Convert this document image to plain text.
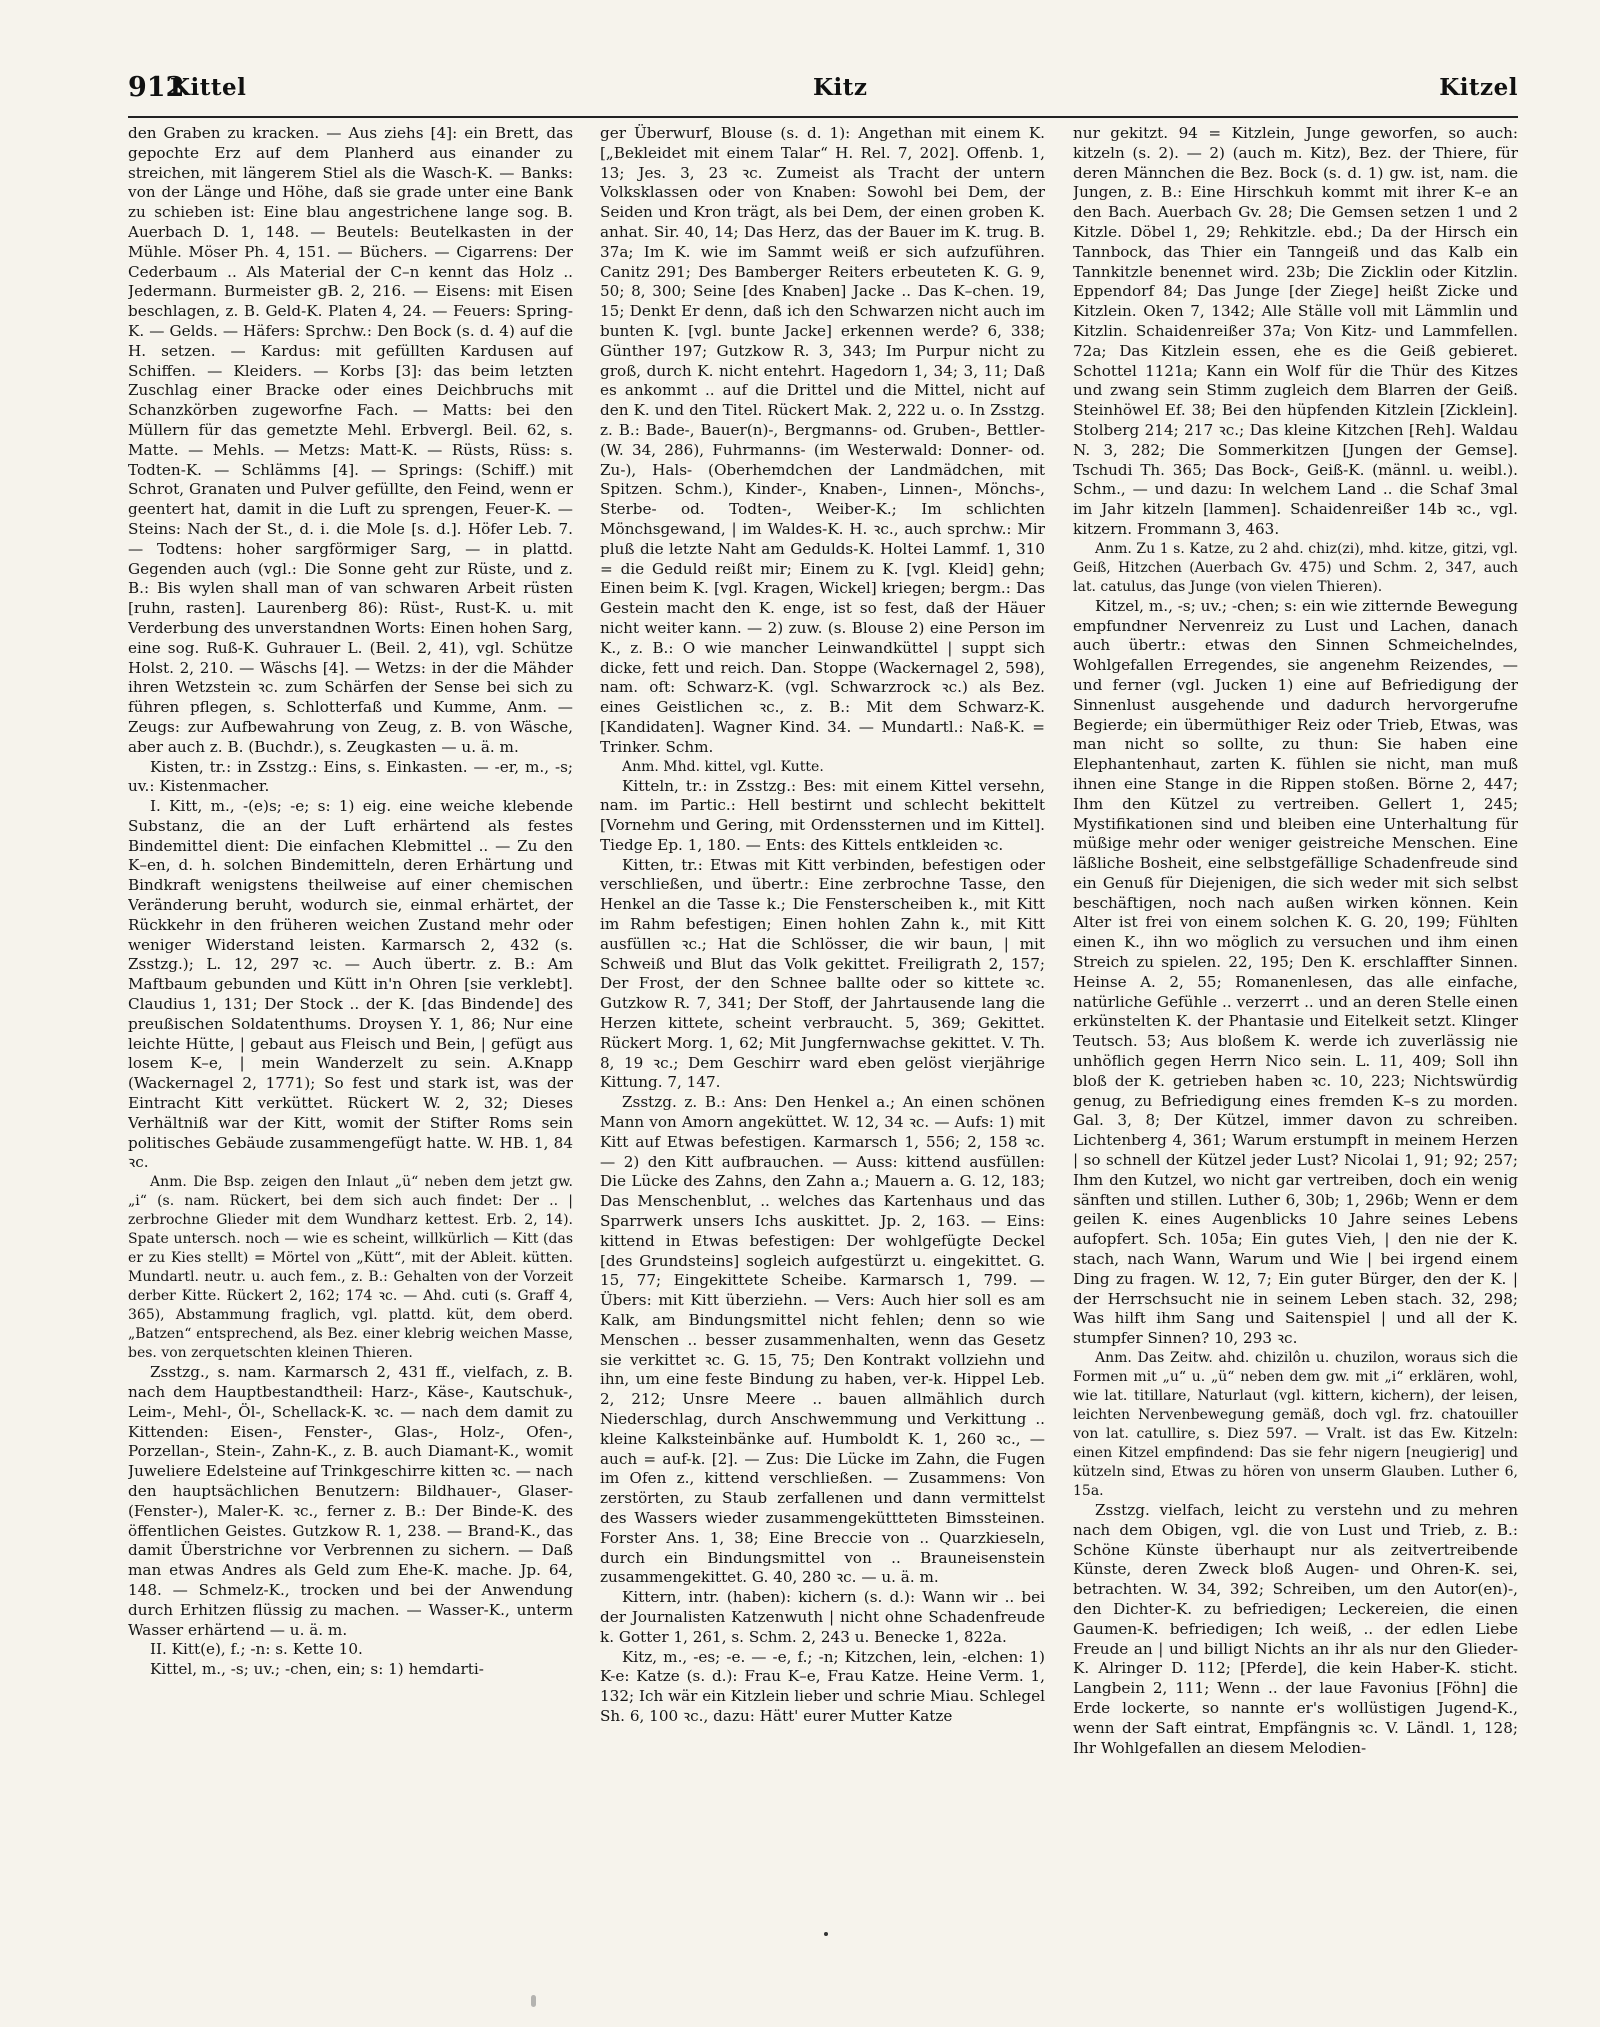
912
Kittel	Kitz	Kitzel

den Graben zu kracken. — Aus ziehs [4]: ein Brett, das gepochte Erz auf dem Planherd aus einander zu streichen, mit längerem Stiel als die Wasch-K. — Banks: von der Länge und Höhe, daß sie grade unter eine Bank zu schieben ist: Eine blau angestrichene lange sog. B. Auerbach D. 1, 148. — Beutels: Beutelkasten in der Mühle. Möser Ph. 4, 151. — Büchers. — Cigarrens: Der Cederbaum .. Als Material der C–n kennt das Holz .. Jedermann. Burmeister gB. 2, 216. — Eisens: mit Eisen beschlagen, z. B. Geld-K. Platen 4, 24. — Feuers: Spring-K. — Gelds. — Häfers: Sprchw.: Den Bock (s. d. 4) auf die H. setzen. — Kardus: mit gefüllten Kardusen auf Schiffen. — Kleiders. — Korbs [3]: das beim letzten Zuschlag einer Bracke oder eines Deichbruchs mit Schanzkörben zugeworfne Fach. — Matts: bei den Müllern für das gemetzte Mehl. Erbvergl. Beil. 62, s. Matte. — Mehls. — Metzs: Matt-K. — Rüsts, Rüss: s. Todten-K. — Schlämms [4]. — Springs: (Schiff.) mit Schrot, Granaten und Pulver gefüllte, den Feind, wenn er geentert hat, damit in die Luft zu sprengen, Feuer-K. — Steins: Nach der St., d. i. die Mole [s. d.]. Höfer Leb. 7. — Todtens: hoher sargförmiger Sarg, — in plattd. Gegenden auch (vgl.: Die Sonne geht zur Rüste, und z. B.: Bis wylen shall man of van schwaren Arbeit rüsten [ruhn, rasten]. Laurenberg 86): Rüst-, Rust-K. u. mit Verderbung des unverstandnen Worts: Einen hohen Sarg, eine sog. Ruß-K. Guhrauer L. (Beil. 2, 41), vgl. Schütze Holst. 2, 210. — Wäschs [4]. — Wetzs: in der die Mähder ihren Wetzstein ꝛc. zum Schärfen der Sense bei sich zu führen pflegen, s. Schlotterfaß und Kumme, Anm. — Zeugs: zur Aufbewahrung von Zeug, z. B. von Wäsche, aber auch z. B. (Buchdr.), s. Zeugkasten — u. ä. m.

Kisten, tr.: in Zsstzg.: Eins, s. Einkasten. — -er, m., -s; uv.: Kistenmacher.

I. Kitt, m., -(e)s; -e; s: 1) eig. eine weiche klebende Substanz, die an der Luft erhärtend als festes Bindemittel dient: Die einfachen Klebmittel .. — Zu den K–en, d. h. solchen Bindemitteln, deren Erhärtung und Bindkraft wenigstens theilweise auf einer chemischen Veränderung beruht, wodurch sie, einmal erhärtet, der Rückkehr in den früheren weichen Zustand mehr oder weniger Widerstand leisten. Karmarsch 2, 432 (s. Zsstzg.); L. 12, 297 ꝛc. — Auch übertr. z. B.: Am Maftbaum gebunden und Kütt in'n Ohren [sie verklebt]. Claudius 1, 131; Der Stock .. der K. [das Bindende] des preußischen Soldatenthums. Droysen Y. 1, 86; Nur eine leichte Hütte, | gebaut aus Fleisch und Bein, | gefügt aus losem K–e, | mein Wanderzelt zu sein. A.Knapp (Wackernagel 2, 1771); So fest und stark ist, was der Eintracht Kitt verküttet. Rückert W. 2, 32; Dieses Verhältniß war der Kitt, womit der Stifter Roms sein politisches Gebäude zusammengefügt hatte. W. HB. 1, 84 ꝛc.

Anm. Die Bsp. zeigen den Inlaut „ü“ neben dem jetzt gw. „i“ (s. nam. Rückert, bei dem sich auch findet: Der .. | zerbrochne Glieder mit dem Wundharz kettest. Erb. 2, 14). Spate untersch. noch — wie es scheint, willkürlich — Kitt (das er zu Kies stellt) = Mörtel von „Kütt“, mit der Ableit. kütten. Mundartl. neutr. u. auch fem., z. B.: Gehalten von der Vorzeit derber Kitte. Rückert 2, 162; 174 ꝛc. — Ahd. cuti (s. Graff 4, 365), Abstammung fraglich, vgl. plattd. küt, dem oberd. „Batzen“ entsprechend, als Bez. einer klebrig weichen Masse, bes. von zerquetschten kleinen Thieren.

Zsstzg., s. nam. Karmarsch 2, 431 ff., vielfach, z. B. nach dem Hauptbestandtheil: Harz-, Käse-, Kautschuk-, Leim-, Mehl-, Öl-, Schellack-K. ꝛc. — nach dem damit zu Kittenden: Eisen-, Fenster-, Glas-, Holz-, Ofen-, Porzellan-, Stein-, Zahn-K., z. B. auch Diamant-K., womit Juweliere Edelsteine auf Trinkgeschirre kitten ꝛc. — nach den hauptsächlichen Benutzern: Bildhauer-, Glaser- (Fenster-), Maler-K. ꝛc., ferner z. B.: Der Binde-K. des öffentlichen Geistes. Gutzkow R. 1, 238. — Brand-K., das damit Überstrichne vor Verbrennen zu sichern. — Daß man etwas Andres als Geld zum Ehe-K. mache. Jp. 64, 148. — Schmelz-K., trocken und bei der Anwendung durch Erhitzen flüssig zu machen. — Wasser-K., unterm Wasser erhärtend — u. ä. m.

II. Kitt(e), f.; -n: s. Kette 10.

Kittel, m., -s; uv.; -chen, ein; s: 1) hemdarti-

ger Überwurf, Blouse (s. d. 1): Angethan mit einem K. [„Bekleidet mit einem Talar“ H. Rel. 7, 202]. Offenb. 1, 13; Jes. 3, 23 ꝛc. Zumeist als Tracht der untern Volksklassen oder von Knaben: Sowohl bei Dem, der Seiden und Kron trägt, als bei Dem, der einen groben K. anhat. Sir. 40, 14; Das Herz, das der Bauer im K. trug. B. 37a; Im K. wie im Sammt weiß er sich aufzuführen. Canitz 291; Des Bamberger Reiters erbeuteten K. G. 9, 50; 8, 300; Seine [des Knaben] Jacke .. Das K–chen. 19, 15; Denkt Er denn, daß ich den Schwarzen nicht auch im bunten K. [vgl. bunte Jacke] erkennen werde? 6, 338; Günther 197; Gutzkow R. 3, 343; Im Purpur nicht zu groß, durch K. nicht entehrt. Hagedorn 1, 34; 3, 11; Daß es ankommt .. auf die Drittel und die Mittel, nicht auf den K. und den Titel. Rückert Mak. 2, 222 u. o. In Zsstzg. z. B.: Bade-, Bauer(n)-, Bergmanns- od. Gruben-, Bettler- (W. 34, 286), Fuhrmanns- (im Westerwald: Donner- od. Zu-), Hals- (Oberhemdchen der Landmädchen, mit Spitzen. Schm.), Kinder-, Knaben-, Linnen-, Mönchs-, Sterbe- od. Todten-, Weiber-K.; Im schlichten Mönchsgewand, | im Waldes-K. H. ꝛc., auch sprchw.: Mir pluß die letzte Naht am Gedulds-K. Holtei Lammf. 1, 310 = die Geduld reißt mir; Einem zu K. [vgl. Kleid] gehn; Einen beim K. [vgl. Kragen, Wickel] kriegen; bergm.: Das Gestein macht den K. enge, ist so fest, daß der Häuer nicht weiter kann. — 2) zuw. (s. Blouse 2) eine Person im K., z. B.: O wie mancher Leinwandküttel | suppt sich dicke, fett und reich. Dan. Stoppe (Wackernagel 2, 598), nam. oft: Schwarz-K. (vgl. Schwarzrock ꝛc.) als Bez. eines Geistlichen ꝛc., z. B.: Mit dem Schwarz-K. [Kandidaten]. Wagner Kind. 34. — Mundartl.: Naß-K. = Trinker. Schm.

Anm. Mhd. kittel, vgl. Kutte.

Kitteln, tr.: in Zsstzg.: Bes: mit einem Kittel versehn, nam. im Partic.: Hell bestirnt und schlecht bekittelt [Vornehm und Gering, mit Ordenssternen und im Kittel]. Tiedge Ep. 1, 180. — Ents: des Kittels entkleiden ꝛc.

Kitten, tr.: Etwas mit Kitt verbinden, befestigen oder verschließen, und übertr.: Eine zerbrochne Tasse, den Henkel an die Tasse k.; Die Fensterscheiben k., mit Kitt im Rahm befestigen; Einen hohlen Zahn k., mit Kitt ausfüllen ꝛc.; Hat die Schlösser, die wir baun, | mit Schweiß und Blut das Volk gekittet. Freiligrath 2, 157; Der Frost, der den Schnee ballte oder so kittete ꝛc. Gutzkow R. 7, 341; Der Stoff, der Jahrtausende lang die Herzen kittete, scheint verbraucht. 5, 369; Gekittet. Rückert Morg. 1, 62; Mit Jungfernwachse gekittet. V. Th. 8, 19 ꝛc.; Dem Geschirr ward eben gelöst vierjährige Kittung. 7, 147.

Zsstzg. z. B.: Ans: Den Henkel a.; An einen schönen Mann von Amorn angeküttet. W. 12, 34 ꝛc. — Aufs: 1) mit Kitt auf Etwas befestigen. Karmarsch 1, 556; 2, 158 ꝛc. — 2) den Kitt aufbrauchen. — Auss: kittend ausfüllen: Die Lücke des Zahns, den Zahn a.; Mauern a. G. 12, 183; Das Menschenblut, .. welches das Kartenhaus und das Sparrwerk unsers Ichs auskittet. Jp. 2, 163. — Eins: kittend in Etwas befestigen: Der wohlgefügte Deckel [des Grundsteins] sogleich aufgestürzt u. eingekittet. G. 15, 77; Eingekittete Scheibe. Karmarsch 1, 799. — Übers: mit Kitt überziehn. — Vers: Auch hier soll es am Kalk, am Bindungsmittel nicht fehlen; denn so wie Menschen .. besser zusammenhalten, wenn das Gesetz sie verkittet ꝛc. G. 15, 75; Den Kontrakt vollziehn und ihn, um eine feste Bindung zu haben, ver-k. Hippel Leb. 2, 212; Unsre Meere .. bauen allmählich durch Niederschlag, durch Anschwemmung und Verkittung .. kleine Kalksteinbänke auf. Humboldt K. 1, 260 ꝛc., — auch = auf-k. [2]. — Zus: Die Lücke im Zahn, die Fugen im Ofen z., kittend verschließen. — Zusammens: Von zerstörten, zu Staub zerfallenen und dann vermittelst des Wassers wieder zusammengeküttteten Bimssteinen. Forster Ans. 1, 38; Eine Breccie von .. Quarzkieseln, durch ein Bindungsmittel von .. Brauneisenstein zusammengekittet. G. 40, 280 ꝛc. — u. ä. m.

Kittern, intr. (haben): kichern (s. d.): Wann wir .. bei der Journalisten Katzenwuth | nicht ohne Schadenfreude k. Gotter 1, 261, s. Schm. 2, 243 u. Benecke 1, 822a.

Kitz, m., -es; -e. — -e, f.; -n; Kitzchen, lein, -elchen: 1) K-e: Katze (s. d.): Frau K–e, Frau Katze. Heine Verm. 1, 132; Ich wär ein Kitzlein lieber und schrie Miau. Schlegel Sh. 6, 100 ꝛc., dazu: Hätt' eurer Mutter Katze

nur gekitzt. 94 = Kitzlein, Junge geworfen, so auch: kitzeln (s. 2). — 2) (auch m. Kitz), Bez. der Thiere, für deren Männchen die Bez. Bock (s. d. 1) gw. ist, nam. die Jungen, z. B.: Eine Hirschkuh kommt mit ihrer K–e an den Bach. Auerbach Gv. 28; Die Gemsen setzen 1 und 2 Kitzle. Döbel 1, 29; Rehkitzle. ebd.; Da der Hirsch ein Tannbock, das Thier ein Tanngeiß und das Kalb ein Tannkitzle benennet wird. 23b; Die Zicklin oder Kitzlin. Eppendorf 84; Das Junge [der Ziege] heißt Zicke und Kitzlein. Oken 7, 1342; Alle Ställe voll mit Lämmlin und Kitzlin. Schaidenreißer 37a; Von Kitz- und Lammfellen. 72a; Das Kitzlein essen, ehe es die Geiß gebieret. Schottel 1121a; Kann ein Wolf für die Thür des Kitzes und zwang sein Stimm zugleich dem Blarren der Geiß. Steinhöwel Ef. 38; Bei den hüpfenden Kitzlein [Zicklein]. Stolberg 214; 217 ꝛc.; Das kleine Kitzchen [Reh]. Waldau N. 3, 282; Die Sommerkitzen [Jungen der Gemse]. Tschudi Th. 365; Das Bock-, Geiß-K. (männl. u. weibl.). Schm., — und dazu: In welchem Land .. die Schaf 3mal im Jahr kitzeln [lammen]. Schaidenreißer 14b ꝛc., vgl. kitzern. Frommann 3, 463.

Anm. Zu 1 s. Katze, zu 2 ahd. chiz(zi), mhd. kitze, gitzi, vgl. Geiß, Hitzchen (Auerbach Gv. 475) und Schm. 2, 347, auch lat. catulus, das Junge (von vielen Thieren).

Kitzel, m., -s; uv.; -chen; s: ein wie zitternde Bewegung empfundner Nervenreiz zu Lust und Lachen, danach auch übertr.: etwas den Sinnen Schmeichelndes, Wohlgefallen Erregendes, sie angenehm Reizendes, — und ferner (vgl. Jucken 1) eine auf Befriedigung der Sinnenlust ausgehende und dadurch hervorgerufne Begierde; ein übermüthiger Reiz oder Trieb, Etwas, was man nicht so sollte, zu thun: Sie haben eine Elephantenhaut, zarten K. fühlen sie nicht, man muß ihnen eine Stange in die Rippen stoßen. Börne 2, 447; Ihm den Kützel zu vertreiben. Gellert 1, 245; Mystifikationen sind und bleiben eine Unterhaltung für müßige mehr oder weniger geistreiche Menschen. Eine läßliche Bosheit, eine selbstgefällige Schadenfreude sind ein Genuß für Diejenigen, die sich weder mit sich selbst beschäftigen, noch nach außen wirken können. Kein Alter ist frei von einem solchen K. G. 20, 199; Fühlten einen K., ihn wo möglich zu versuchen und ihm einen Streich zu spielen. 22, 195; Den K. erschlaffter Sinnen. Heinse A. 2, 55; Romanenlesen, das alle einfache, natürliche Gefühle .. verzerrt .. und an deren Stelle einen erkünstelten K. der Phantasie und Eitelkeit setzt. Klinger Teutsch. 53; Aus bloßem K. werde ich zuverlässig nie unhöflich gegen Herrn Nico sein. L. 11, 409; Soll ihn bloß der K. getrieben haben ꝛc. 10, 223; Nichtswürdig genug, zu Befriedigung eines fremden K–s zu morden. Gal. 3, 8; Der Kützel, immer davon zu schreiben. Lichtenberg 4, 361; Warum erstumpft in meinem Herzen | so schnell der Kützel jeder Lust? Nicolai 1, 91; 92; 257; Ihm den Kutzel, wo nicht gar vertreiben, doch ein wenig sänften und stillen. Luther 6, 30b; 1, 296b; Wenn er dem geilen K. eines Augenblicks 10 Jahre seines Lebens aufopfert. Sch. 105a; Ein gutes Vieh, | den nie der K. stach, nach Wann, Warum und Wie | bei irgend einem Ding zu fragen. W. 12, 7; Ein guter Bürger, den der K. | der Herrschsucht nie in seinem Leben stach. 32, 298; Was hilft ihm Sang und Saitenspiel | und all der K. stumpfer Sinnen? 10, 293 ꝛc.

Anm. Das Zeitw. ahd. chizilôn u. chuzilon, woraus sich die Formen mit „u“ u. „ü“ neben dem gw. mit „i“ erklären, wohl, wie lat. titillare, Naturlaut (vgl. kittern, kichern), der leisen, leichten Nervenbewegung gemäß, doch vgl. frz. chatouiller von lat. catullire, s. Diez 597. — Vralt. ist das Ew. Kitzeln: einen Kitzel empfindend: Das sie fehr nigern [neugierig] und kützeln sind, Etwas zu hören von unserm Glauben. Luther 6, 15a.

Zsstzg. vielfach, leicht zu verstehn und zu mehren nach dem Obigen, vgl. die von Lust und Trieb, z. B.: Schöne Künste überhaupt nur als zeitvertreibende Künste, deren Zweck bloß Augen- und Ohren-K. sei, betrachten. W. 34, 392; Schreiben, um den Autor(en)-, den Dichter-K. zu befriedigen; Leckereien, die einen Gaumen-K. befriedigen; Ich weiß, .. der edlen Liebe Freude an | und billigt Nichts an ihr als nur den Glieder-K. Alringer D. 112; [Pferde], die kein Haber-K. sticht. Langbein 2, 111; Wenn .. der laue Favonius [Föhn] die Erde lockerte, so nannte er's wollüstigen Jugend-K., wenn der Saft eintrat, Empfängnis ꝛc. V. Ländl. 1, 128; Ihr Wohlgefallen an diesem Melodien-
